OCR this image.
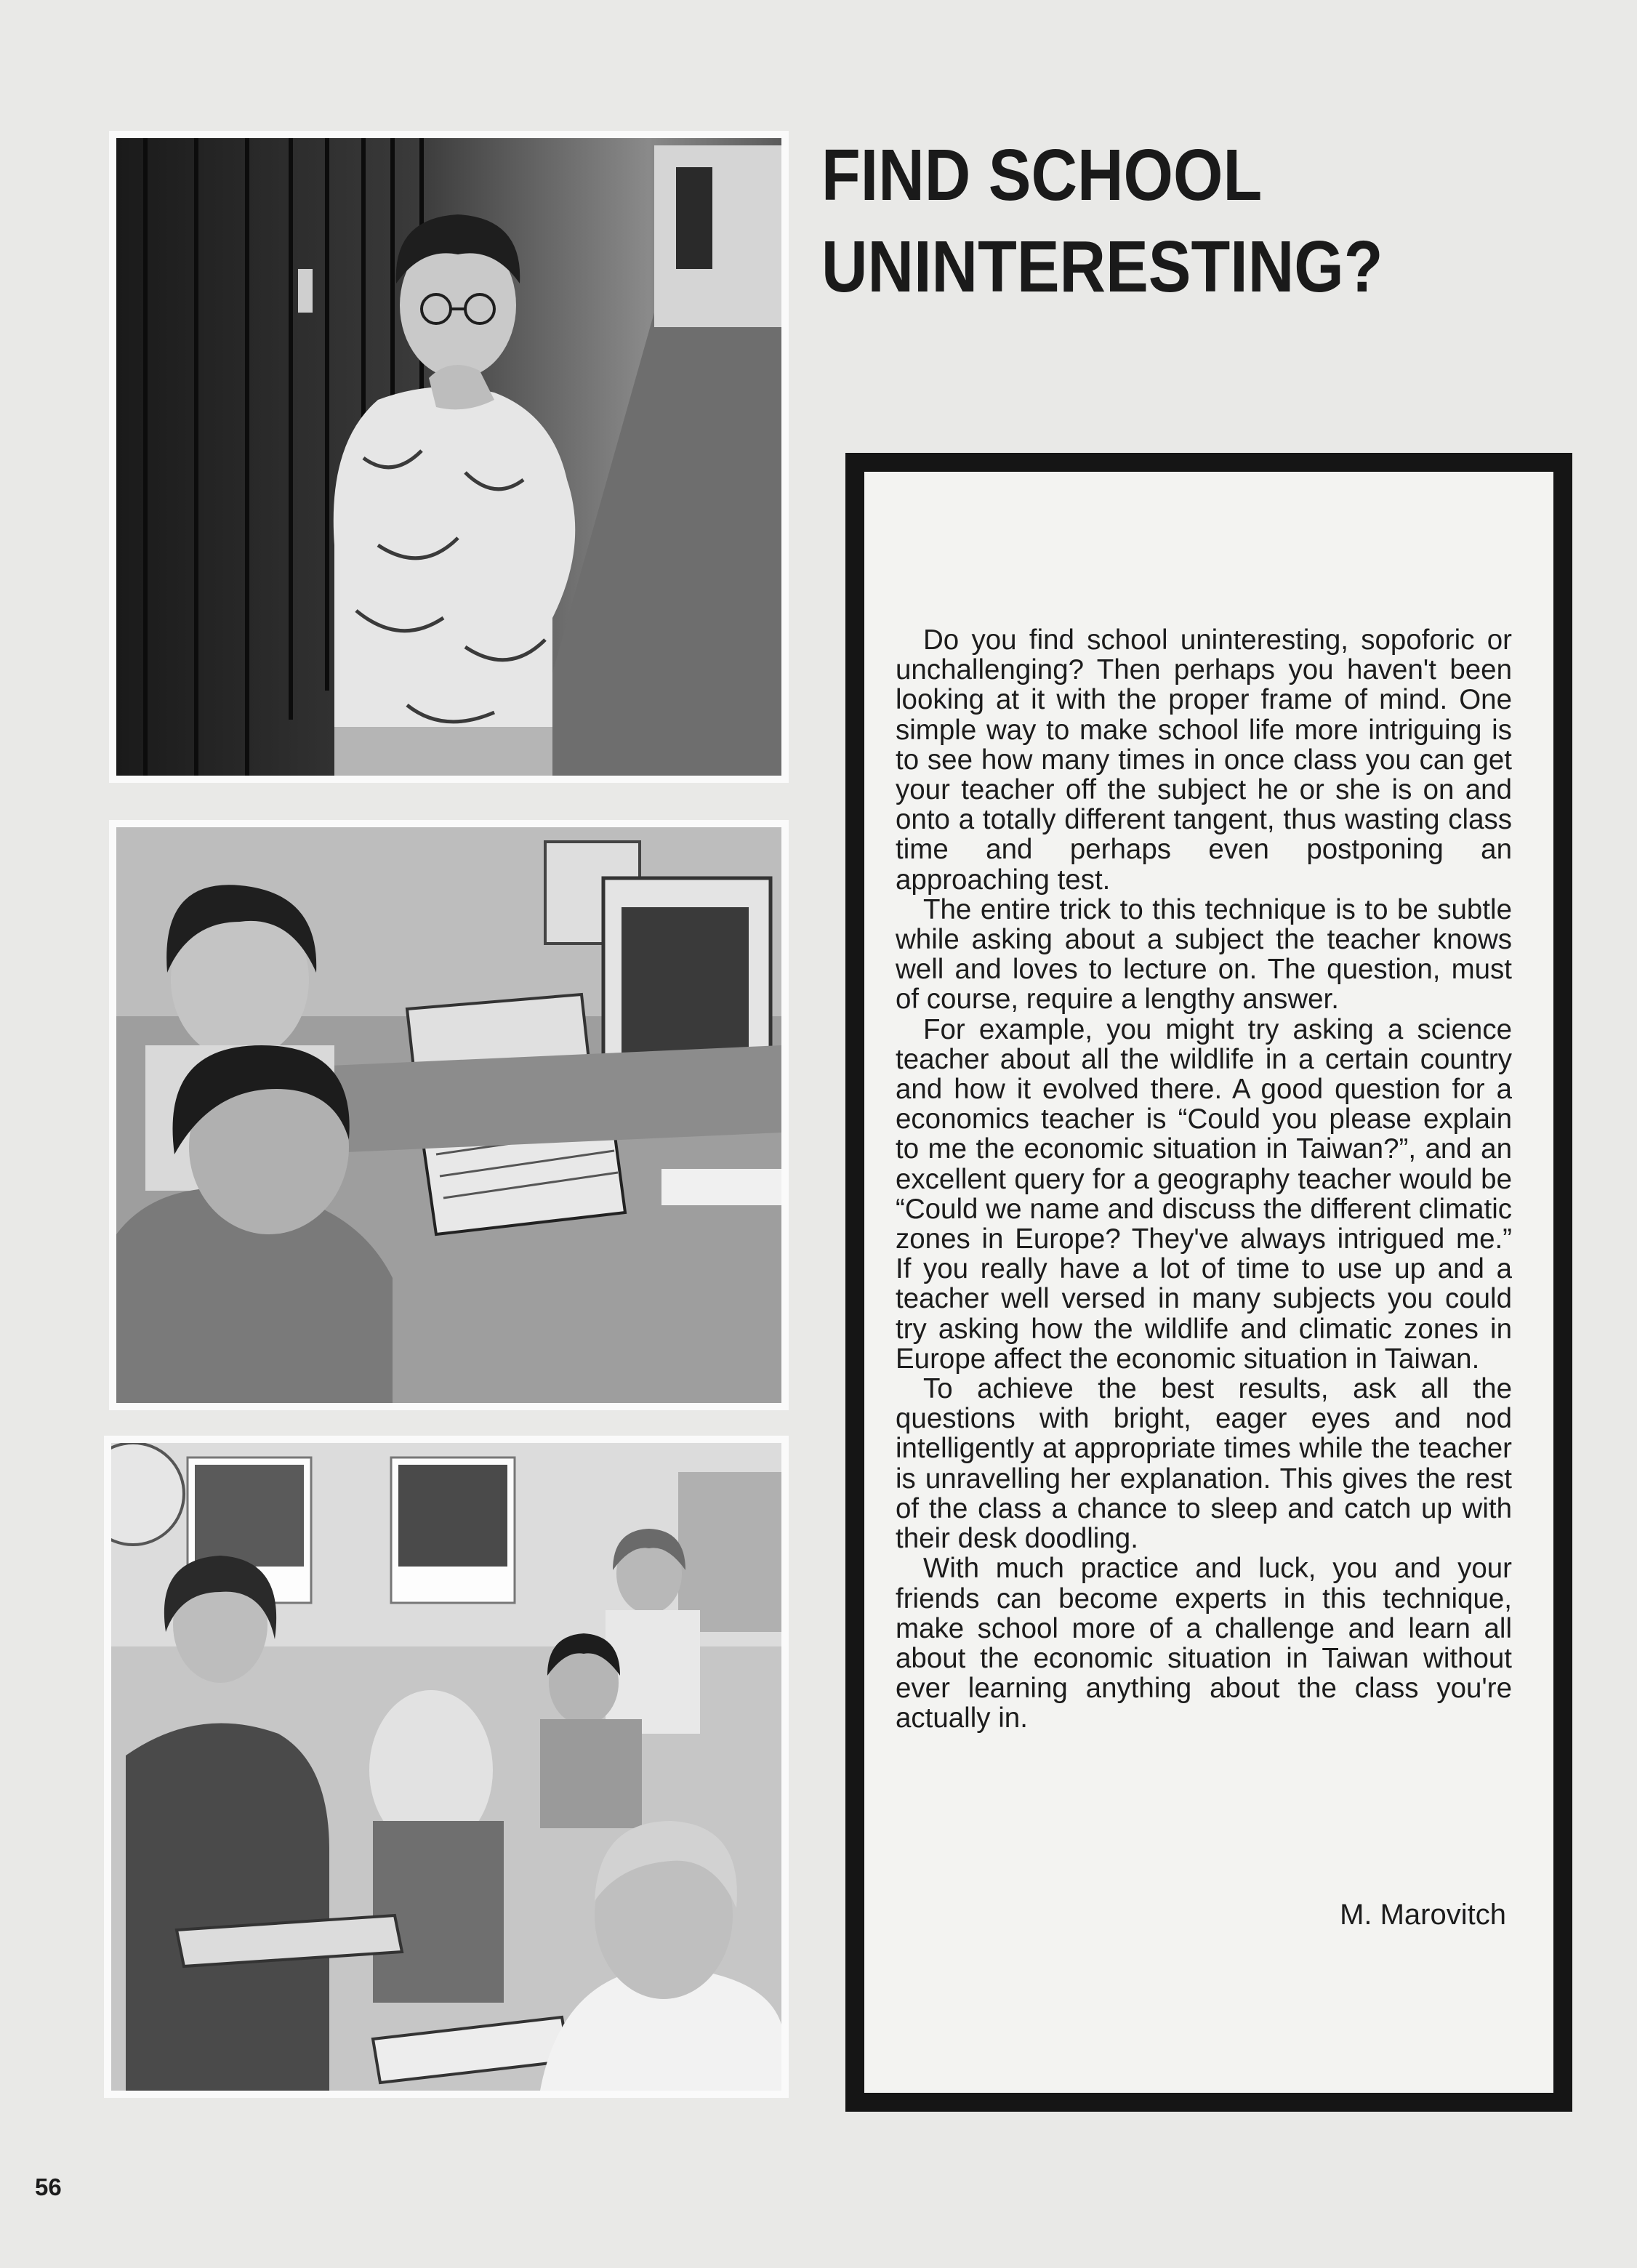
FIND SCHOOL
UNINTERESTING?

Do you find school uninteresting, sopoforic or unchallenging? Then perhaps you haven't been looking at it with the proper frame of mind. One simple way to make school life more intriguing is to see how many times in once class you can get your teacher off the subject he or she is on and onto a totally different tangent, thus wasting class time and perhaps even postponing an approaching test.

The entire trick to this technique is to be subtle while asking about a subject the teacher knows well and loves to lecture on. The question, must of course, require a lengthy answer.

For example, you might try asking a science teacher about all the wildlife in a certain country and how it evolved there. A good question for a economics teacher is “Could you please explain to me the economic situation in Taiwan?”, and an excellent query for a geography teacher would be “Could we name and discuss the different climatic zones in Europe? They've always intrigued me.” If you really have a lot of time to use up and a teacher well versed in many subjects you could try asking how the wildlife and climatic zones in Europe affect the economic situation in Taiwan.

To achieve the best results, ask all the questions with bright, eager eyes and nod intelligently at appropriate times while the teacher is unravelling her explanation. This gives the rest of the class a chance to sleep and catch up with their desk doodling.

With much practice and luck, you and your friends can become experts in this technique, make school more of a challenge and learn all about the economic situation in Taiwan without ever learning anything about the class you're actually in.

M. Marovitch
56
